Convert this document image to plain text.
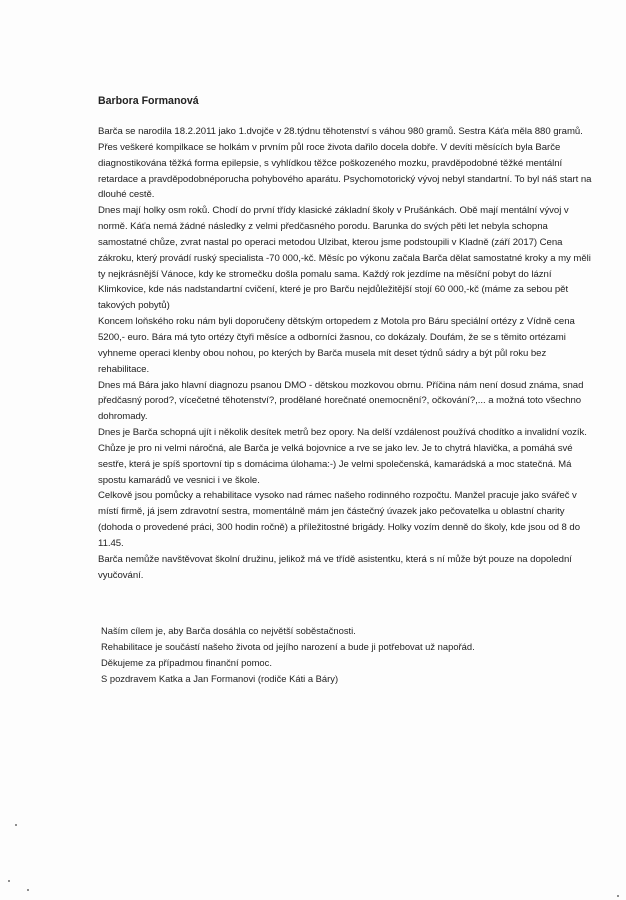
Barbora Formanová

Barča se narodila 18.2.2011 jako 1.dvojče v 28.týdnu těhotenství s váhou 980 gramů. Sestra Káťa měla 880 gramů.

Přes veškeré kompilkace se holkám v prvním půl roce života dařilo docela dobře. V devíti měsících byla Barče diagnostikována těžká forma epilepsie, s vyhlídkou těžce poškozeného mozku, pravděpodobné těžké mentální retardace a pravděpodobnéporucha pohybového aparátu. Psychomotorický vývoj nebyl standartní. To byl náš start na dlouhé cestě.

Dnes mají holky osm roků. Chodí do první třídy klasické základní školy v Prušánkách. Obě mají mentální vývoj v normě. Káťa nemá žádné následky z velmi předčasného porodu. Barunka do svých pěti let nebyla schopna samostatné chůze, zvrat nastal po operaci metodou Ulzibat, kterou jsme podstoupili v Kladně (září 2017) Cena zákroku, který provádí ruský specialista -70 000,-kč. Měsíc po výkonu začala Barča dělat samostatné kroky a my měli ty nejkrásnější Vánoce, kdy ke stromečku došla pomalu sama. Každý rok jezdíme na měsíční pobyt do lázní Klimkovice, kde nás nadstandartní cvičení, které je pro Barču nejdůležitější stojí 60 000,-kč (máme za sebou pět takových pobytů)

Koncem loňského roku nám byli doporučeny dětským ortopedem z Motola pro Báru speciální ortézy z Vídně cena 5200,- euro. Bára má tyto ortézy čtyři měsíce a odborníci žasnou, co dokázaly. Doufám, že se s těmito ortézami vyhneme operaci klenby obou nohou, po kterých by Barča musela mít deset týdnů sádry a být půl roku bez rehabilitace.

Dnes má Bára jako hlavní diagnozu psanou DMO - dětskou mozkovou obrnu. Příčina nám není dosud známa, snad předčasný porod?, vícečetné těhotenství?, prodělané horečnaté onemocnění?, očkování?,... a možná toto všechno dohromady.

Dnes je Barča schopná ujít i několik desítek metrů bez opory. Na delší vzdálenost používá chodítko a invalidní vozík. Chůze je pro ni velmi náročná, ale Barča je velká bojovnice a rve se jako lev. Je to chytrá hlavička, a pomáhá své sestře, která je spíš sportovní tip s domácima úlohama:-) Je velmi společenská, kamarádská a moc statečná. Má spostu kamarádů ve vesnici i ve škole.

Celkově jsou pomůcky a rehabilitace vysoko nad rámec našeho rodinného rozpočtu. Manžel pracuje jako svářeč v místí firmě, já jsem zdravotní sestra, momentálně mám jen částečný úvazek jako pečovatelka u oblastní charity (dohoda o provedené práci, 300 hodin ročně) a příležitostné brigády. Holky vozím denně do školy, kde jsou od 8 do 11.45.

Barča nemůže navštěvovat školní družinu, jelikož má ve třídě asistentku, která s ní může být pouze na dopolední vyučování.

Naším cílem je, aby Barča dosáhla co největší soběstačnosti.

Rehabilitace je součástí našeho života od jejího narození a bude ji potřebovat už napořád.

Děkujeme za případmou finanční pomoc.

S pozdravem Katka a Jan Formanovi (rodiče Káti a Báry)
